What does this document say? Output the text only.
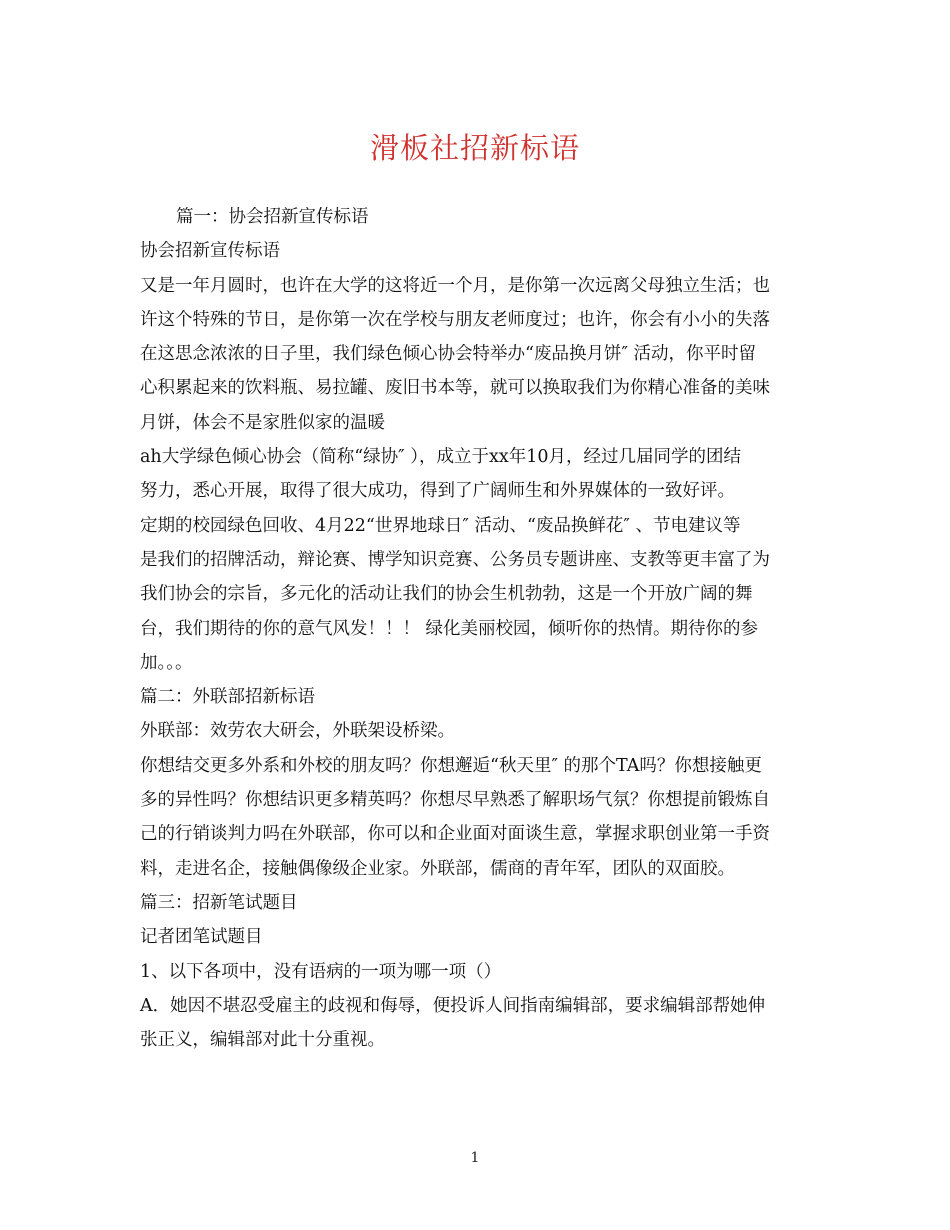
滑板社招新标语

篇一：协会招新宣传标语

协会招新宣传标语

又是一年月圆时，也许在大学的这将近一个月，是你第一次远离父母独立生活；也

许这个特殊的节日，是你第一次在学校与朋友老师度过；也许，你会有小小的失落

在这思念浓浓的日子里，我们绿色倾心协会特举办“废品换月饼″ 活动，你平时留

心积累起来的饮料瓶、易拉罐、废旧书本等，就可以换取我们为你精心准备的美味

月饼，体会不是家胜似家的温暖

ah大学绿色倾心协会（简称“绿协″ ），成立于xx年10月，经过几届同学的团结

努力，悉心开展，取得了很大成功，得到了广阔师生和外界媒体的一致好评。

定期的校园绿色回收、4月22“世界地球日″ 活动、“废品换鲜花″ 、节电建议等

是我们的招牌活动，辩论赛、博学知识竞赛、公务员专题讲座、支教等更丰富了为

我们协会的宗旨，多元化的活动让我们的协会生机勃勃，这是一个开放广阔的舞

台，我们期待的你的意气风发！！！ 绿化美丽校园，倾听你的热情。期待你的参

加。。。

篇二：外联部招新标语

外联部：效劳农大研会，外联架设桥梁。

你想结交更多外系和外校的朋友吗？你想邂逅“秋天里″ 的那个TA吗？你想接触更

多的异性吗？你想结识更多精英吗？你想尽早熟悉了解职场气氛？你想提前锻炼自

己的行销谈判力吗在外联部，你可以和企业面对面谈生意，掌握求职创业第一手资

料，走进名企，接触偶像级企业家。外联部，儒商的青年军，团队的双面胶。

篇三：招新笔试题目

记者团笔试题目

1、以下各项中，没有语病的一项为哪一项（）

A．她因不堪忍受雇主的歧视和侮辱，便投诉人间指南编辑部，要求编辑部帮她伸

张正义，编辑部对此十分重视。

1
